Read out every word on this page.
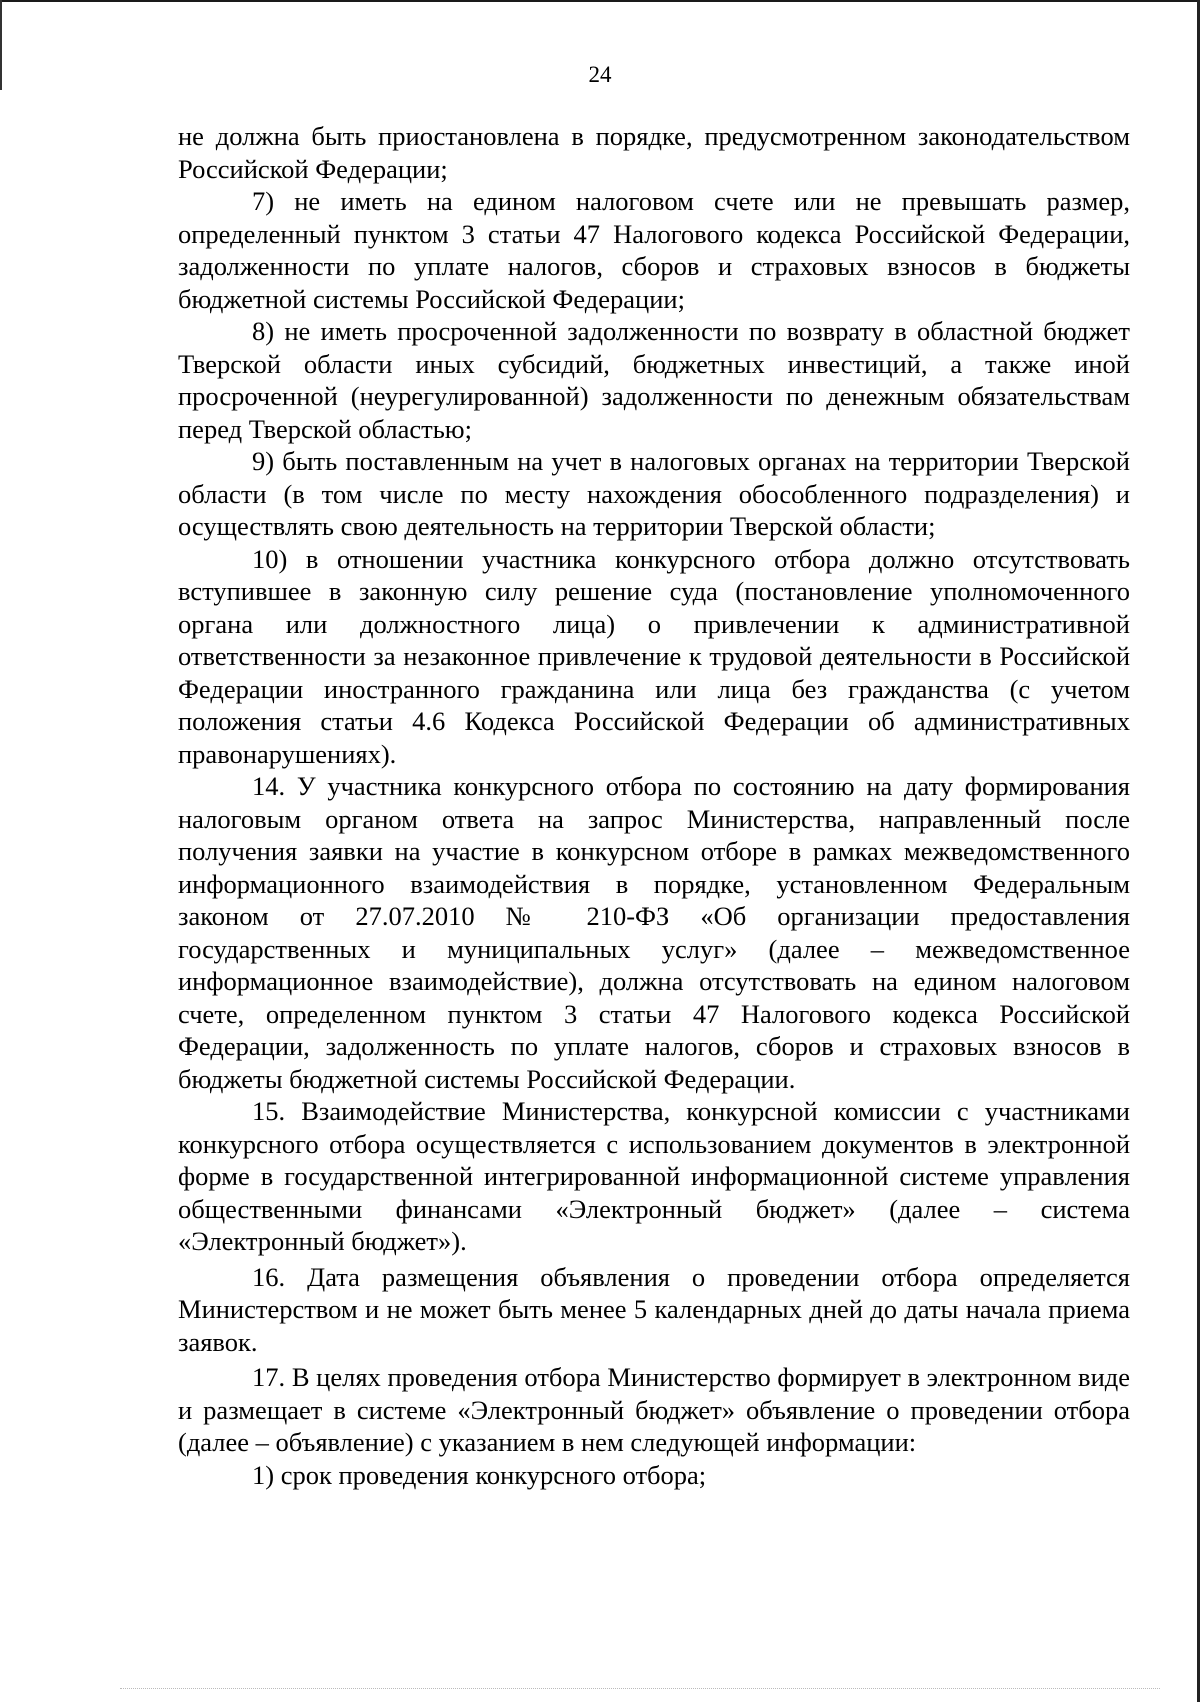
24

не должна быть приостановлена в порядке, предусмотренном законодательством Российской Федерации;

7) не иметь на едином налоговом счете или не превышать размер, определенный пунктом 3 статьи 47 Налогового кодекса Российской Федерации, задолженности по уплате налогов, сборов и страховых взносов в бюджеты бюджетной системы Российской Федерации;

8) не иметь просроченной задолженности по возврату в областной бюджет Тверской области иных субсидий, бюджетных инвестиций, а также иной просроченной (неурегулированной) задолженности по денежным обязательствам перед Тверской областью;

9) быть поставленным на учет в налоговых органах на территории Тверской области (в том числе по месту нахождения обособленного подразделения) и осуществлять свою деятельность на территории Тверской области;

10) в отношении участника конкурсного отбора должно отсутствовать вступившее в законную силу решение суда (постановление уполномоченного органа или должностного лица) о привлечении к административной ответственности за незаконное привлечение к трудовой деятельности в Российской Федерации иностранного гражданина или лица без гражданства (с учетом положения статьи 4.6 Кодекса Российской Федерации об административных правонарушениях).

14. У участника конкурсного отбора по состоянию на дату формирования налоговым органом ответа на запрос Министерства, направленный после получения заявки на участие в конкурсном отборе в рамках межведомственного информационного взаимодействия в порядке, установленном Федеральным законом от 27.07.2010 № 210-ФЗ «Об организации предоставления государственных и муниципальных услуг» (далее – межведомственное информационное взаимодействие), должна отсутствовать на едином налоговом счете, определенном пунктом 3 статьи 47 Налогового кодекса Российской Федерации, задолженность по уплате налогов, сборов и страховых взносов в бюджеты бюджетной системы Российской Федерации.

15. Взаимодействие Министерства, конкурсной комиссии с участниками конкурсного отбора осуществляется с использованием документов в электронной форме в государственной интегрированной информационной системе управления общественными финансами «Электронный бюджет» (далее – система «Электронный бюджет»).

16. Дата размещения объявления о проведении отбора определяется Министерством и не может быть менее 5 календарных дней до даты начала приема заявок.

17. В целях проведения отбора Министерство формирует в электронном виде и размещает в системе «Электронный бюджет» объявление о проведении отбора (далее – объявление) с указанием в нем следующей информации:

1) срок проведения конкурсного отбора;
